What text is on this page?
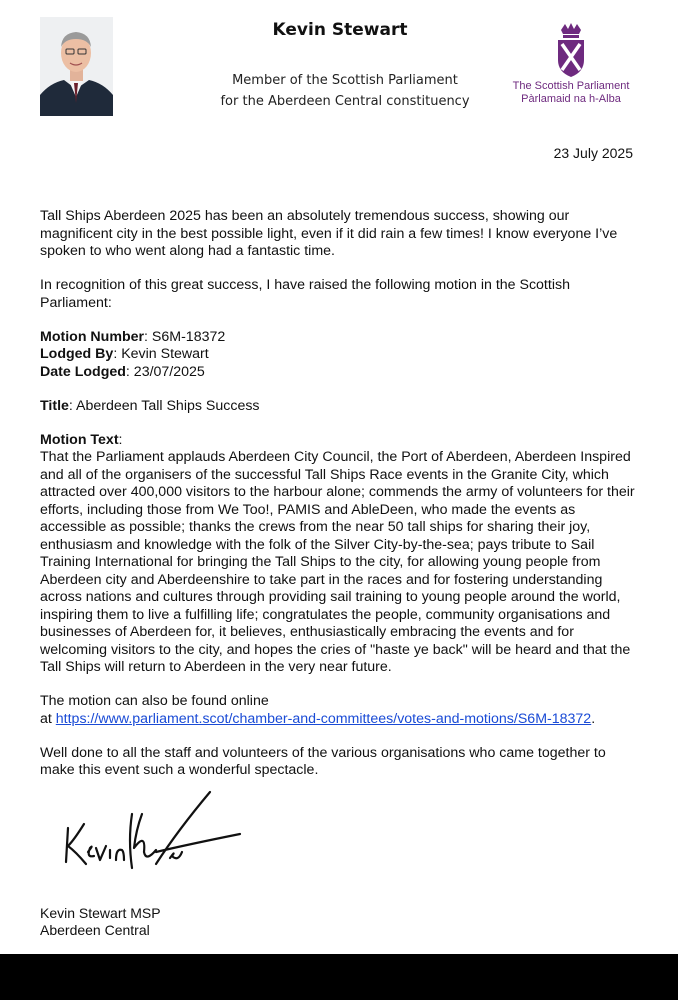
Kevin Stewart
Member of the Scottish Parliament
for the Aberdeen Central constituency
The Scottish Parliament
Pàrlamaid na h-Alba
23 July 2025

Tall Ships Aberdeen 2025 has been an absolutely tremendous success, showing our magnificent city in the best possible light, even if it did rain a few times! I know everyone I’ve spoken to who went along had a fantastic time.

In recognition of this great success, I have raised the following motion in the Scottish Parliament:

Motion Number: S6M-18372
Lodged By: Kevin Stewart
Date Lodged: 23/07/2025

Title: Aberdeen Tall Ships Success

Motion Text:
That the Parliament applauds Aberdeen City Council, the Port of Aberdeen, Aberdeen Inspired and all of the organisers of the successful Tall Ships Race events in the Granite City, which attracted over 400,000 visitors to the harbour alone; commends the army of volunteers for their efforts, including those from We Too!, PAMIS and AbleDeen, who made the events as accessible as possible; thanks the crews from the near 50 tall ships for sharing their joy, enthusiasm and knowledge with the folk of the Silver City-by-the-sea; pays tribute to Sail Training International for bringing the Tall Ships to the city, for allowing young people from Aberdeen city and Aberdeenshire to take part in the races and for fostering understanding across nations and cultures through providing sail training to young people around the world, inspiring them to live a fulfilling life; congratulates the people, community organisations and businesses of Aberdeen for, it believes, enthusiastically embracing the events and for welcoming visitors to the city, and hopes the cries of "haste ye back" will be heard and that the Tall Ships will return to Aberdeen in the very near future.

The motion can also be found online
at https://www.parliament.scot/chamber-and-committees/votes-and-motions/S6M-18372.

Well done to all the staff and volunteers of the various organisations who came together to make this event such a wonderful spectacle.

Kevin Stewart MSP
Aberdeen Central
